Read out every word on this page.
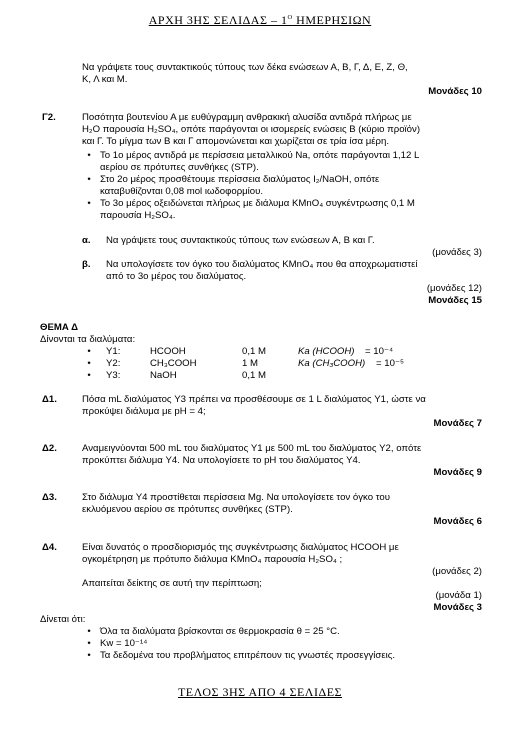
ΑΡΧΗ 3ΗΣ ΣΕΛΙΔΑΣ – $1^O$ ΗΜΕΡΗΣΙΩΝ

Να γράψετε τους συντακτικούς τύπους των δέκα ενώσεων Α, Β, Γ, Δ, Ε, Ζ, Θ,

Κ, Λ και Μ.

Μονάδες 10
Γ2.	Ποσότητα βουτενίου Α με ευθύγραμμη ανθρακική αλυσίδα αντιδρά πλήρως με

Η₂Ο παρουσία Η₂SO₄, οπότε παράγονται οι ισομερείς ενώσεις Β (κύριο προϊόν)

και Γ. Το μίγμα των Β και Γ απομονώνεται και χωρίζεται σε τρία ίσα μέρη.

• Το 1ο μέρος αντιδρά με περίσσεια μεταλλικού Na, οπότε παράγονται 1,12 L

αερίου σε πρότυπες συνθήκες (STP).

• Στο 2ο μέρος προσθέτουμε περίσσεια διαλύματος I₂/NaOH, οπότε

καταβυθίζονται 0,08 mol ιωδοφορμίου.

• Το 3ο μέρος οξειδώνεται πλήρως με διάλυμα KMnO₄ συγκέντρωσης 0,1 M

παρουσία H₂SO₄.

α. Να γράψετε τους συντακτικούς τύπους των ενώσεων Α, Β και Γ.
(μονάδες 3)
β. Να υπολογίσετε τον όγκο του διαλύματος KMnO₄ που θα αποχρωματιστεί

από το 3ο μέρος του διαλύματος.

(μονάδες 12)
Μονάδες 15
ΘΕΜΑ Δ
Δίνονται τα διαλύματα:
• Y1:	HCOOH	0,1 M	Ka (HCOOH) = 10⁻⁴
• Y2:	CH₃COOH	1 M	Ka (CH₃COOH) = 10⁻⁵
• Y3:	NaOH	0,1 M
Δ1.	Πόσα mL διαλύματος Y3 πρέπει να προσθέσουμε σε 1 L διαλύματος Y1, ώστε να

προκύψει διάλυμα με pH = 4;

Μονάδες 7
Δ2.	Αναμειγνύονται 500 mL του διαλύματος Y1 με 500 mL του διαλύματος Y2, οπότε

προκύπτει διάλυμα Y4. Να υπολογίσετε το pH του διαλύματος Y4.

Μονάδες 9
Δ3.	Στο διάλυμα Y4 προστίθεται περίσσεια Mg. Να υπολογίσετε τον όγκο του

εκλυόμενου αερίου σε πρότυπες συνθήκες (STP).

Μονάδες 6
Δ4.	Είναι δυνατός ο προσδιορισμός της συγκέντρωσης διαλύματος HCOOH με

ογκομέτρηση με πρότυπο διάλυμα KMnO₄ παρουσία H₂SO₄ ;

(μονάδες 2)
Απαιτείται δείκτης σε αυτή την περίπτωση;
(μονάδα 1)
Μονάδες 3
Δίνεται ότι:
• Όλα τα διαλύματα βρίσκονται σε θερμοκρασία θ = 25 °C.
• Kw = 10⁻¹⁴
• Τα δεδομένα του προβλήματος επιτρέπουν τις γνωστές προσεγγίσεις.
ΤΕΛΟΣ 3ΗΣ ΑΠΟ 4 ΣΕΛΙΔΕΣ
